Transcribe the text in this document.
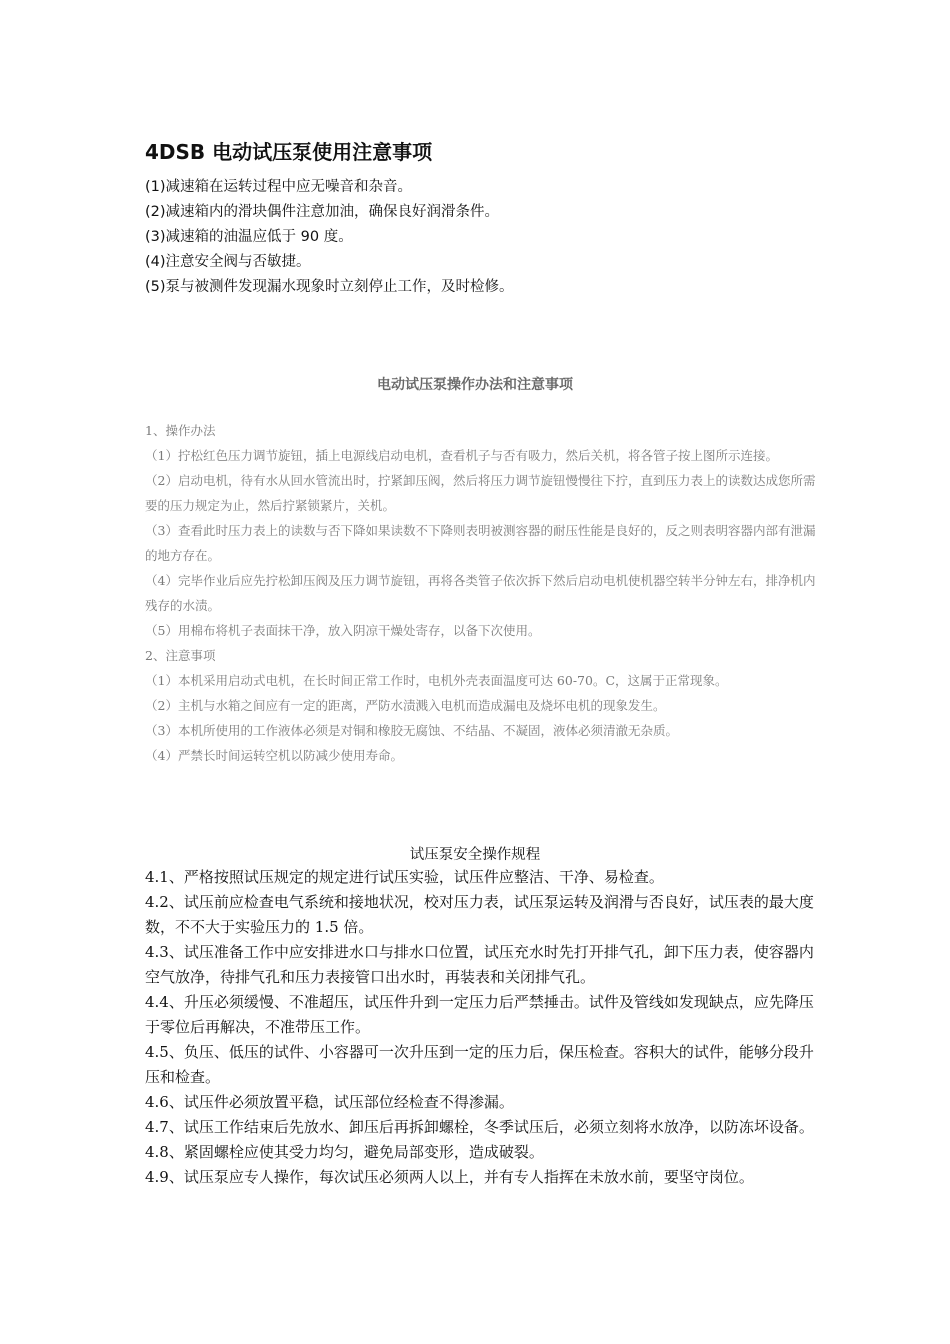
4DSB 电动试压泵使用注意事项
(1)减速箱在运转过程中应无噪音和杂音。
(2)减速箱内的滑块偶件注意加油，确保良好润滑条件。
(3)减速箱的油温应低于 90 度。
(4)注意安全阀与否敏捷。
(5)泵与被测件发现漏水现象时立刻停止工作，及时检修。
电动试压泵操作办法和注意事项

1、操作办法

（1）拧松红色压力调节旋钮，插上电源线启动电机，查看机子与否有吸力，然后关机，将各管子按上图所示连接。

（2）启动电机，待有水从回水管流出时，拧紧卸压阀，然后将压力调节旋钮慢慢往下拧，直到压力表上的读数达成您所需要的压力规定为止，然后拧紧锁紧片，关机。

（3）查看此时压力表上的读数与否下降如果读数不下降则表明被测容器的耐压性能是良好的，反之则表明容器内部有泄漏的地方存在。

（4）完毕作业后应先拧松卸压阀及压力调节旋钮，再将各类管子依次拆下然后启动电机使机器空转半分钟左右，排净机内残存的水渍。

（5）用棉布将机子表面抹干净，放入阴凉干燥处寄存，以备下次使用。

2、注意事项

（1）本机采用启动式电机，在长时间正常工作时，电机外壳表面温度可达 60-70。C，这属于正常现象。

（2）主机与水箱之间应有一定的距离，严防水渍溅入电机而造成漏电及烧坏电机的现象发生。

（3）本机所使用的工作液体必须是对铜和橡胶无腐蚀、不结晶、不凝固，液体必须清澈无杂质。

（4）严禁长时间运转空机以防减少使用寿命。

试压泵安全操作规程

4.1、严格按照试压规定的规定进行试压实验，试压件应整洁、干净、易检查。

4.2、试压前应检查电气系统和接地状况，校对压力表，试压泵运转及润滑与否良好，试压表的最大度数，不不大于实验压力的 1.5 倍。

4.3、试压准备工作中应安排进水口与排水口位置，试压充水时先打开排气孔，卸下压力表，使容器内空气放净，待排气孔和压力表接管口出水时，再装表和关闭排气孔。

4.4、升压必须缓慢、不准超压，试压件升到一定压力后严禁捶击。试件及管线如发现缺点，应先降压于零位后再解决，不准带压工作。

4.5、负压、低压的试件、小容器可一次升压到一定的压力后，保压检查。容积大的试件，能够分段升压和检查。

4.6、试压件必须放置平稳，试压部位经检查不得渗漏。

4.7、试压工作结束后先放水、卸压后再拆卸螺栓，冬季试压后，必须立刻将水放净，以防冻坏设备。

4.8、紧固螺栓应使其受力均匀，避免局部变形，造成破裂。

4.9、试压泵应专人操作，每次试压必须两人以上，并有专人指挥在未放水前，要坚守岗位。
